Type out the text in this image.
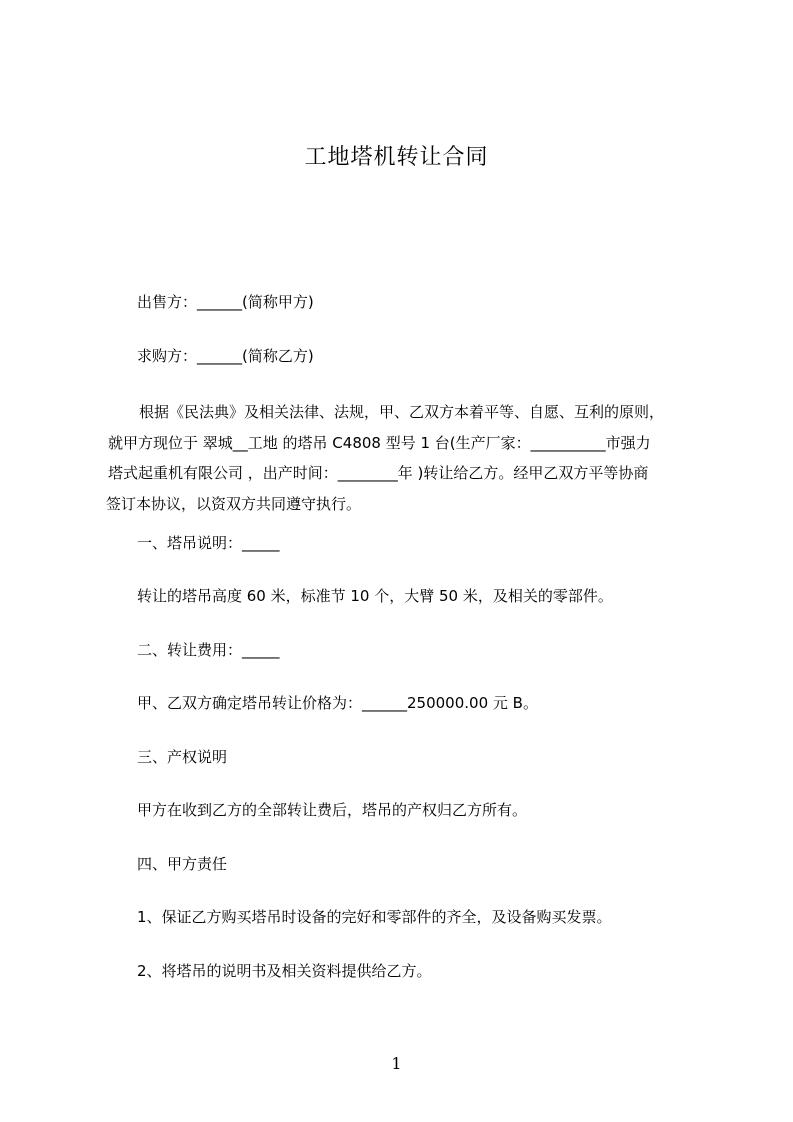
工地塔机转让合同
出售方：______(简称甲方)
求购方：______(简称乙方)
根据《民法典》及相关法律、法规，甲、乙双方本着平等、自愿、互利的原则，
就甲方现位于 翠城__工地 的塔吊 C4808 型号 1 台(生产厂家：__________市强力
塔式起重机有限公司 ，出产时间：________年 )转让给乙方。经甲乙双方平等协商
签订本协议，以资双方共同遵守执行。
一、塔吊说明：_____
转让的塔吊高度 60 米，标准节 10 个，大臂 50 米，及相关的零部件。
二、转让费用：_____
甲、乙双方确定塔吊转让价格为：______250000.00 元 B。
三、产权说明
甲方在收到乙方的全部转让费后，塔吊的产权归乙方所有。
四、甲方责任
1、保证乙方购买塔吊时设备的完好和零部件的齐全，及设备购买发票。
2、将塔吊的说明书及相关资料提供给乙方。
1
